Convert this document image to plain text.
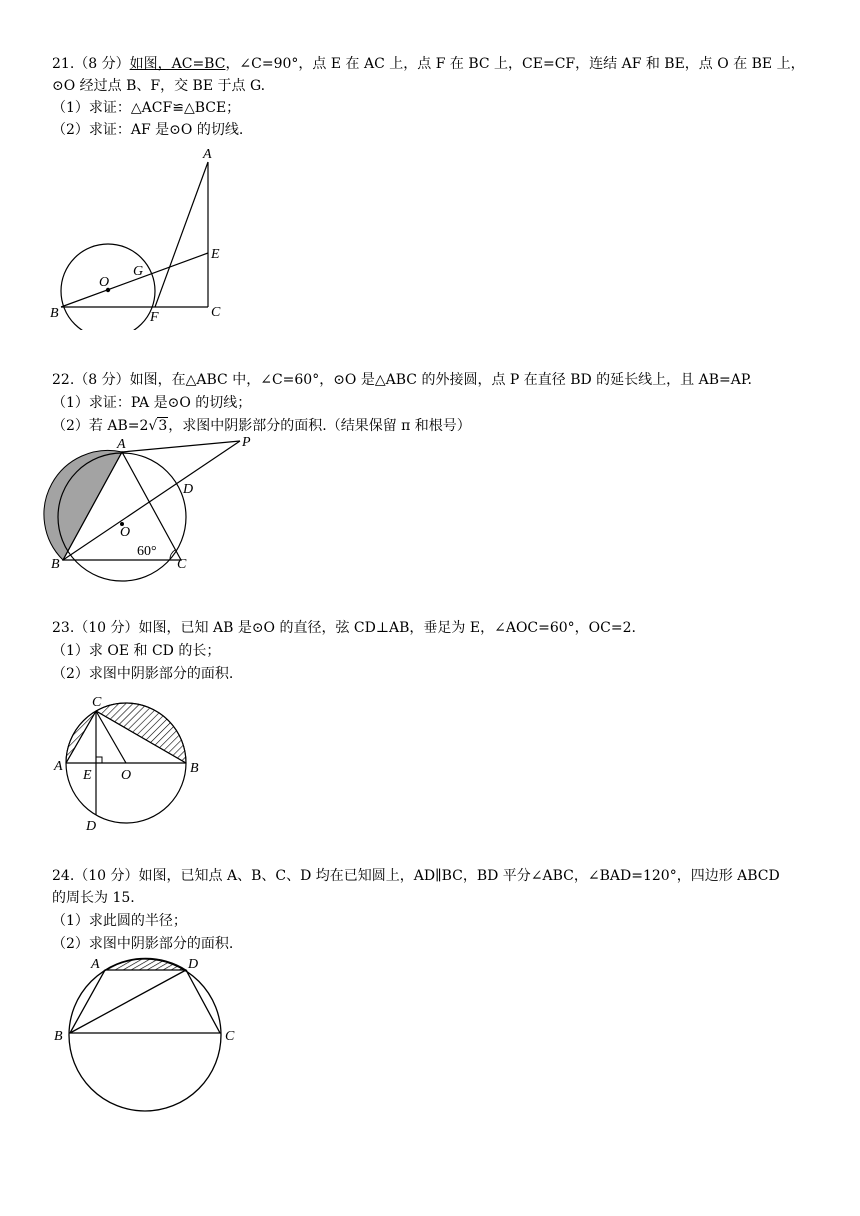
21.（8 分）如图，AC=BC，∠C=90°，点 E 在 AC 上，点 F 在 BC 上，CE=CF，连结 AF 和 BE，点 O 在 BE 上，
⊙O 经过点 B、F，交 BE 于点 G.
（1）求证：△ACF≌△BCE；
（2）求证：AF 是⊙O 的切线.
A
E
G
O
B	F	C
22.（8 分）如图，在△ABC 中，∠C=60°，⊙O 是△ABC 的外接圆，点 P 在直径 BD 的延长线上，且 AB=AP.
（1）求证：PA 是⊙O 的切线；
（2）若 AB=2√3，求图中阴影部分的面积.（结果保留 π 和根号）
A	P
D
O
60°
B	C
23.（10 分）如图，已知 AB 是⊙O 的直径，弦 CD⊥AB，垂足为 E，∠AOC=60°，OC=2.
（1）求 OE 和 CD 的长；
（2）求图中阴影部分的面积.
C
A
E O	B
D
24.（10 分）如图，已知点 A、B、C、D 均在已知圆上，AD∥BC，BD 平分∠ABC，∠BAD=120°，四边形 ABCD
的周长为 15.
（1）求此圆的半径；
（2）求图中阴影部分的面积.
A	D
B	C
